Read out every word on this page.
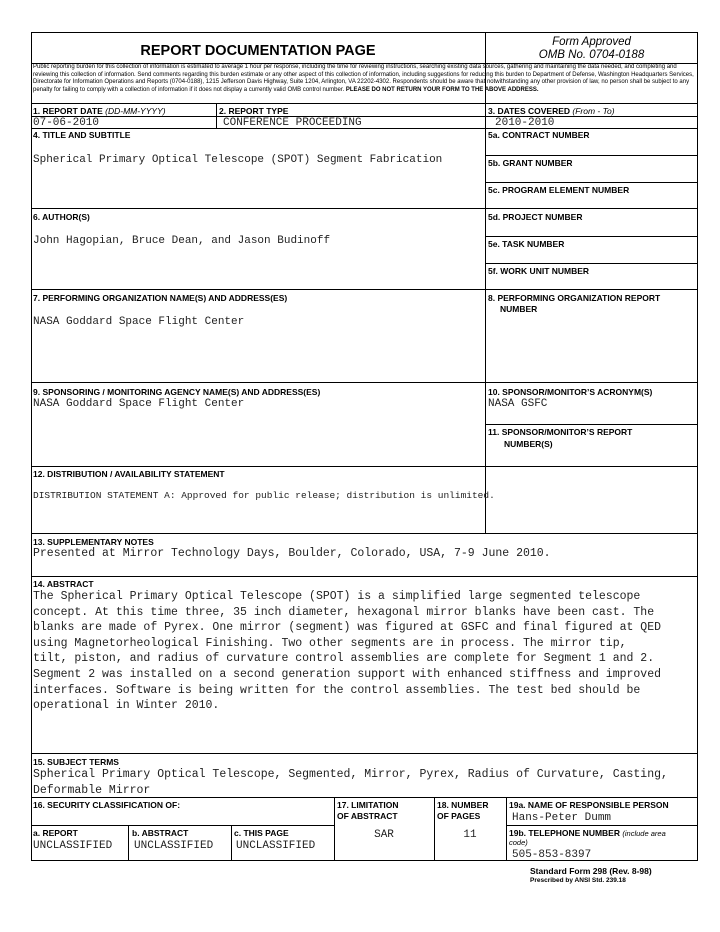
REPORT DOCUMENTATION PAGE
Form Approved
OMB No. 0704-0188
Public reporting burden for this collection of information is estimated to average 1 hour per response, including the time for reviewing instructions, searching existing data sources, gathering and maintaining the data needed, and completing and reviewing this collection of information. Send comments regarding this burden estimate or any other aspect of this collection of information, including suggestions for reducing this burden to Department of Defense, Washington Headquarters Services, Directorate for Information Operations and Reports (0704-0188), 1215 Jefferson Davis Highway, Suite 1204, Arlington, VA 22202-4302. Respondents should be aware that notwithstanding any other provision of law, no person shall be subject to any penalty for failing to comply with a collection of information if it does not display a currently valid OMB control number. PLEASE DO NOT RETURN YOUR FORM TO THE ABOVE ADDRESS.
1. REPORT DATE (DD-MM-YYYY)
07-06-2010
2. REPORT TYPE
CONFERENCE PROCEEDING
3. DATES COVERED (From - To)
2010-2010
4. TITLE AND SUBTITLE
Spherical Primary Optical Telescope (SPOT) Segment Fabrication
5a. CONTRACT NUMBER
5b. GRANT NUMBER
5c. PROGRAM ELEMENT NUMBER
6. AUTHOR(S)
John Hagopian, Bruce Dean, and Jason Budinoff
5d. PROJECT NUMBER
5e. TASK NUMBER
5f. WORK UNIT NUMBER
7. PERFORMING ORGANIZATION NAME(S) AND ADDRESS(ES)
NASA Goddard Space Flight Center
8. PERFORMING ORGANIZATION REPORT
NUMBER
9. SPONSORING / MONITORING AGENCY NAME(S) AND ADDRESS(ES)
NASA Goddard Space Flight Center
10. SPONSOR/MONITOR’S ACRONYM(S)
NASA GSFC
11. SPONSOR/MONITOR’S REPORT
NUMBER(S)
12. DISTRIBUTION / AVAILABILITY STATEMENT
DISTRIBUTION STATEMENT A: Approved for public release; distribution is unlimited.
13. SUPPLEMENTARY NOTES
Presented at Mirror Technology Days, Boulder, Colorado, USA, 7-9 June 2010.
14. ABSTRACT
The Spherical Primary Optical Telescope (SPOT) is a simplified large segmented telescope
concept. At this time three, 35 inch diameter, hexagonal mirror blanks have been cast. The
blanks are made of Pyrex. One mirror (segment) was figured at GSFC and final figured at QED
using Magnetorheological Finishing. Two other segments are in process. The mirror tip,
tilt, piston, and radius of curvature control assemblies are complete for Segment 1 and 2.
Segment 2 was installed on a second generation support with enhanced stiffness and improved
interfaces. Software is being written for the control assemblies. The test bed should be
operational in Winter 2010.
15. SUBJECT TERMS
Spherical Primary Optical Telescope, Segmented, Mirror, Pyrex, Radius of Curvature, Casting,
Deformable Mirror
16. SECURITY CLASSIFICATION OF:	17. LIMITATION
OF ABSTRACT
SAR
18. NUMBER
OF PAGES
11
19a. NAME OF RESPONSIBLE PERSON
Hans-Peter Dumm
a. REPORT
UNCLASSIFIED
b. ABSTRACT
UNCLASSIFIED
c. THIS PAGE
UNCLASSIFIED
19b. TELEPHONE NUMBER (include area
code)
505-853-8397
Standard Form 298 (Rev. 8-98)
Prescribed by ANSI Std. 239.18
